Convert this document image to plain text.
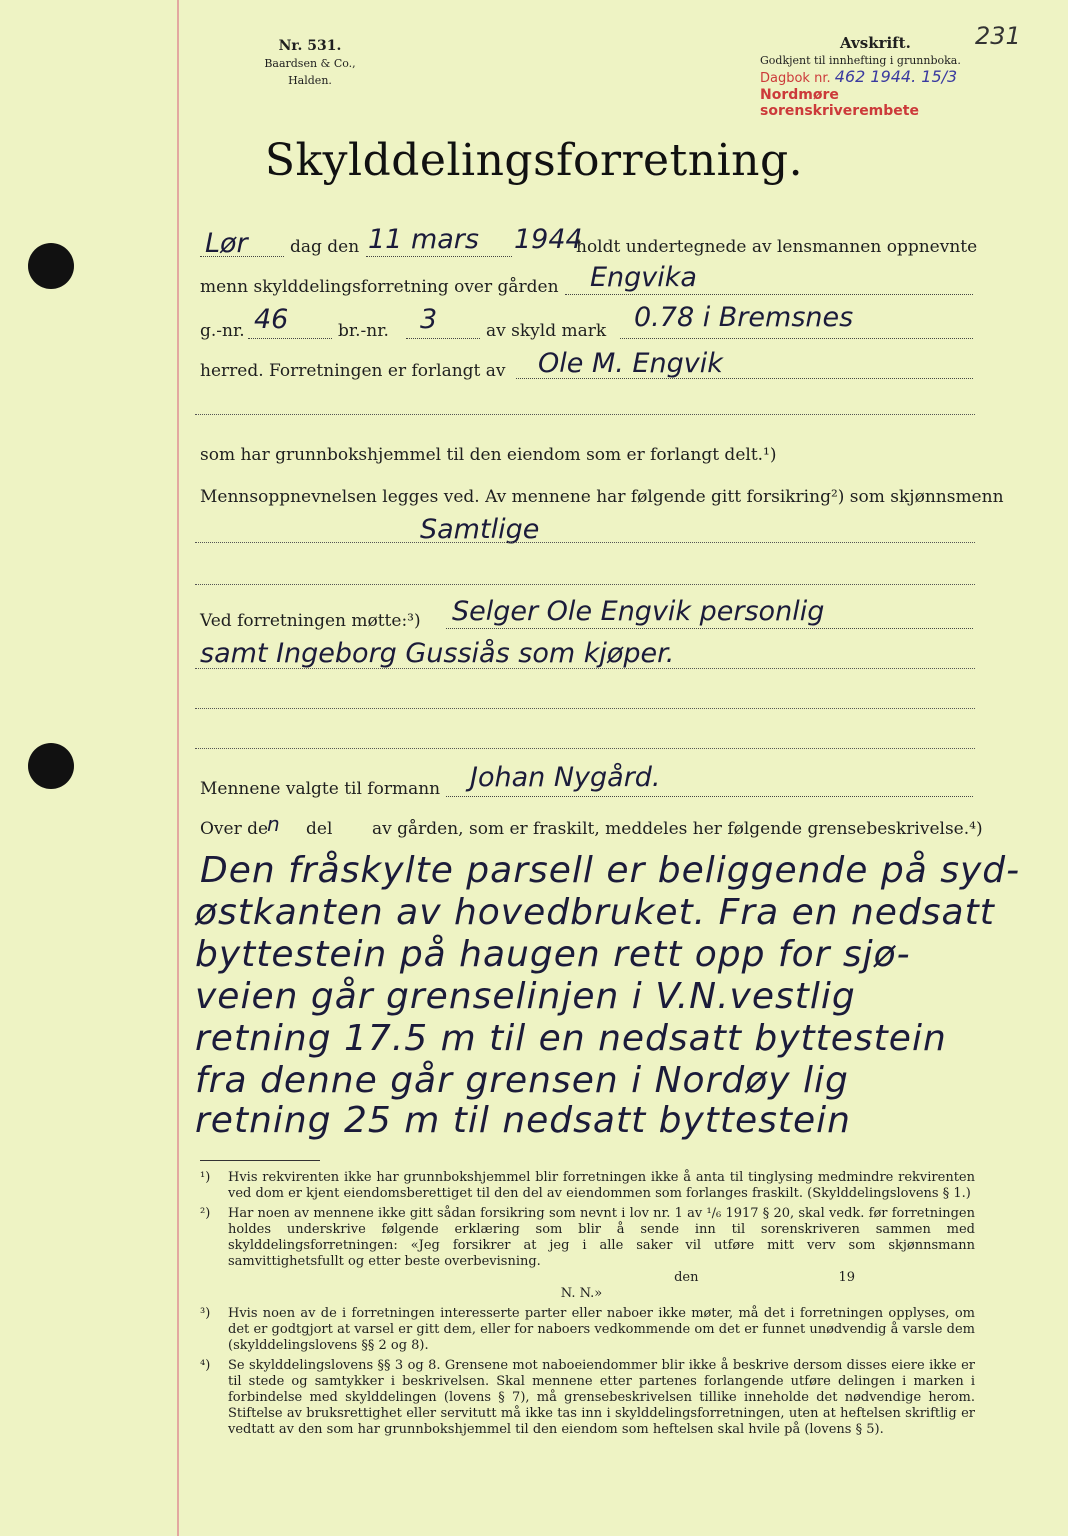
Nr. 531.
Baardsen & Co., Halden.
231
Avskrift.
Godkjent til innhefting i grunnboka.
Dagbok nr. 462 1944. 15/3
Nordmøre sorenskriverembete
Skylddelingsforretning.
Lør dag den 11 mars 1944
holdt undertegnede av lensmannen oppnevnte
menn skylddelingsforretning over gården Engvika
g.-nr. 46	br.-nr. 3	av skyld mark 0.78 i Bremsnes
herred. Forretningen er forlangt av Ole M. Engvik
som har grunnbokshjemmel til den eiendom som er forlangt delt.¹)
Mennsoppnevnelsen legges ved. Av mennene har følgende gitt forsikring²) som skjønnsmenn
Samtlige
Ved forretningen møtte:³) Selger Ole Engvik personlig
samt Ingeborg Gussiås som kjøper.
Mennene valgte til formann Johan Nygård.
Over de
n del av gården, som er fraskilt, meddeles her følgende grensebeskrivelse.⁴)
Den fråskylte parsell er beliggende på syd-
østkanten av hovedbruket. Fra en nedsatt
byttestein på haugen rett opp for sjø-
veien går grenselinjen i V.N.vestlig
retning 17.5 m til en nedsatt byttestein
fra denne går grensen i Nordøy lig
retning 25 m til nedsatt byttestein
¹) Hvis rekvirenten ikke har grunnbokshjemmel blir forretningen ikke å anta til tinglysing medmindre rekvirenten ved dom er kjent eiendomsberettiget til den del av eiendommen som forlanges fraskilt. (Skylddelingslovens § 1.)

²) Har noen av mennene ikke gitt sådan forsikring som nevnt i lov nr. 1 av ¹/₆ 1917 § 20, skal vedk. før forretningen holdes underskrive følgende erklæring som blir å sende inn til sorenskriveren sammen med skylddelingsforretningen: «Jeg forsikrer at jeg i alle saker vil utføre mitt verv som skjønnsmann samvittighetsfullt og etter beste overbevisning.

den	19
N. N.»
³) Hvis noen av de i forretningen interesserte parter eller naboer ikke møter, må det i forretningen opplyses, om det er godtgjort at varsel er gitt dem, eller for naboers vedkommende om det er funnet unødvendig å varsle dem (skylddelingslovens §§ 2 og 8).

⁴) Se skylddelingslovens §§ 3 og 8. Grensene mot naboeiendommer blir ikke å beskrive dersom disses eiere ikke er til stede og samtykker i beskrivelsen. Skal mennene etter partenes forlangende utføre delingen i marken i forbindelse med skylddelingen (lovens § 7), må grensebeskrivelsen tillike inneholde det nødvendige herom. Stiftelse av bruksrettighet eller servitutt må ikke tas inn i skylddelingsforretningen, uten at heftelsen skriftlig er vedtatt av den som har grunnbokshjemmel til den eiendom som heftelsen skal hvile på (lovens § 5).
